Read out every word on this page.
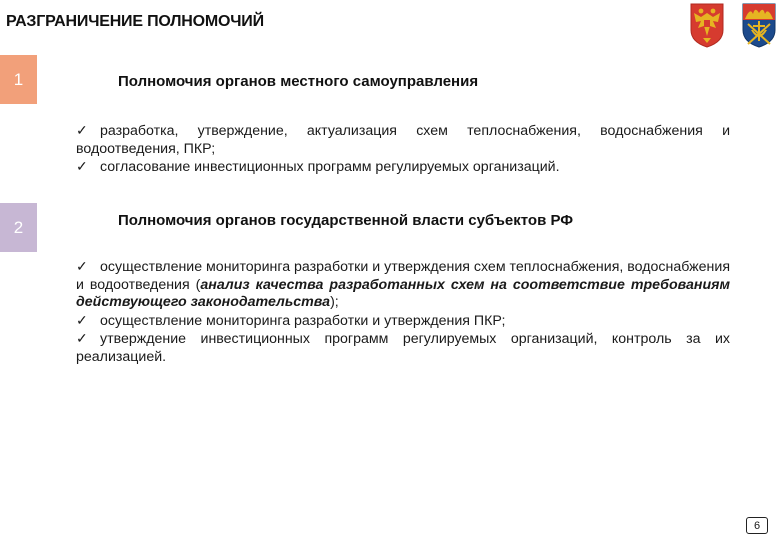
РАЗГРАНИЧЕНИЕ ПОЛНОМОЧИЙ
1	Полномочия органов местного самоуправления

✓ разработка, утверждение, актуализация схем теплоснабжения, водоснабжения и водоотведения, ПКР;

✓ согласование инвестиционных программ регулируемых организаций.

2	Полномочия органов государственной власти субъектов РФ

✓ осуществление мониторинга разработки и утверждения схем теплоснабжения, водоснабжения и водоотведения (анализ качества разработанных схем на соответствие требованиям действующего законодательства);

✓ осуществление мониторинга разработки и утверждения ПКР;

✓ утверждение инвестиционных программ регулируемых организаций, контроль за их реализацией.

6
